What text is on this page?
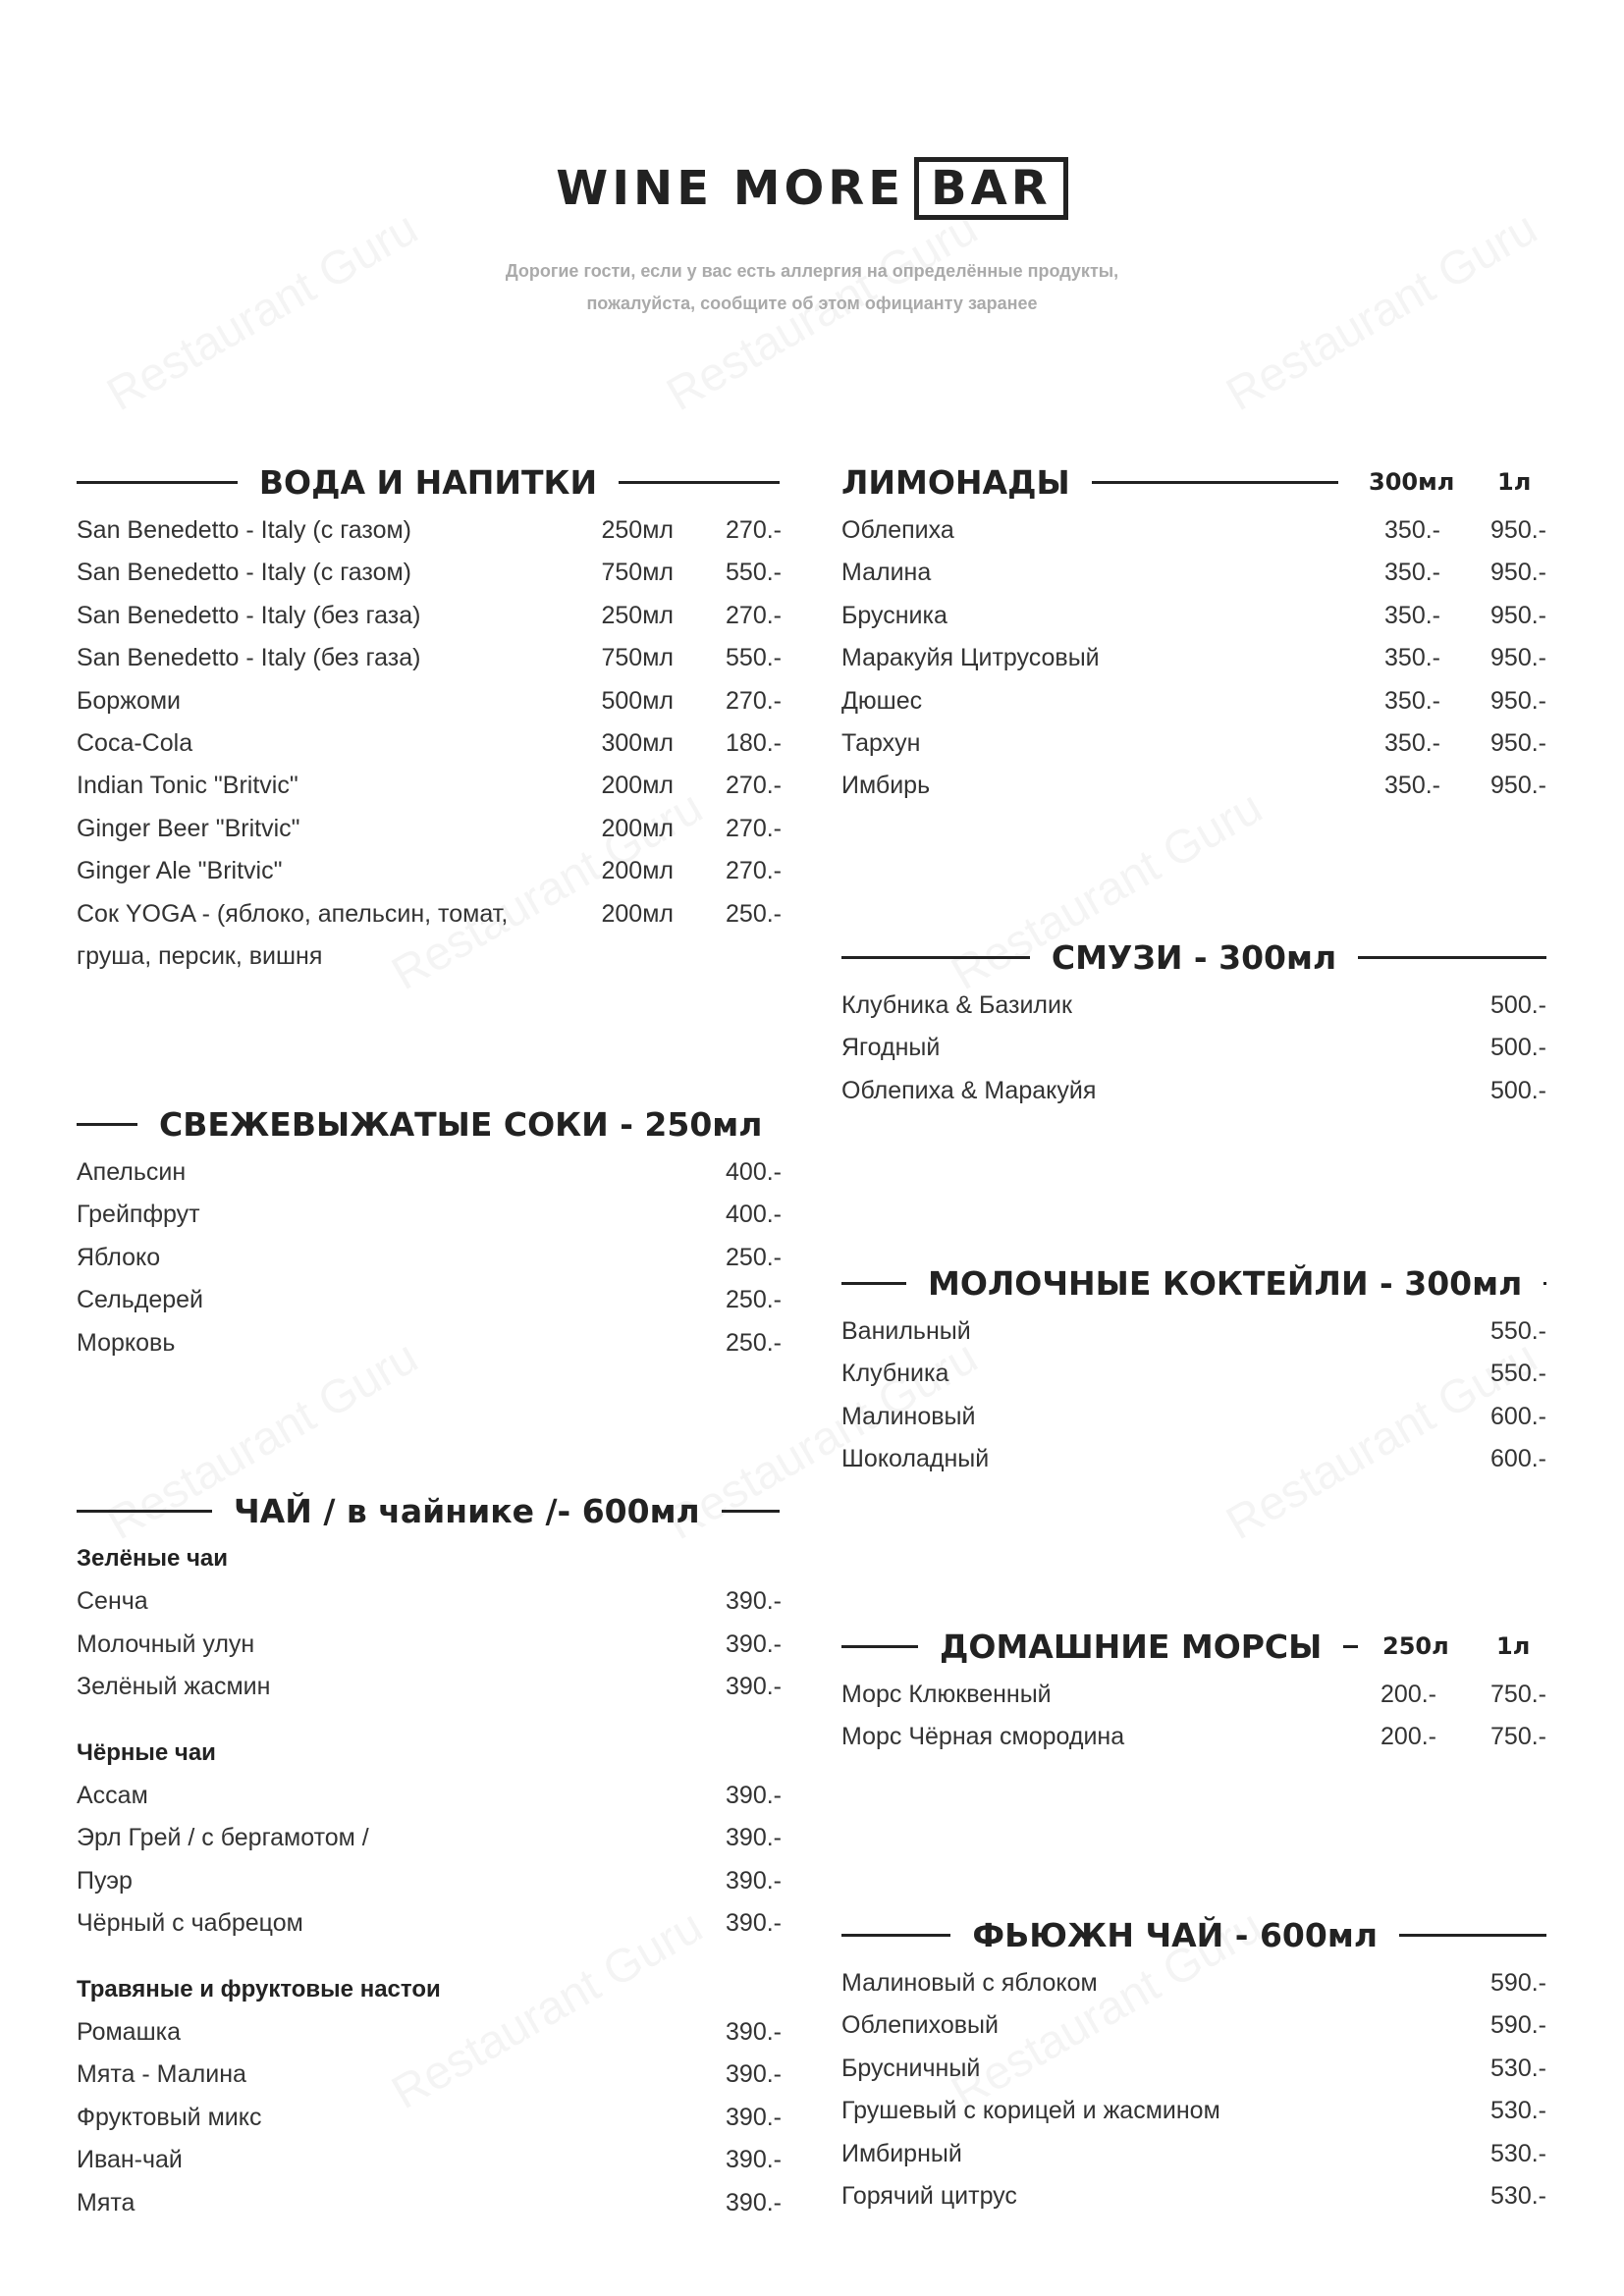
WINE MORE BAR
Дорогие гости, если у вас есть аллергия на определённые продукты,
пожалуйста, сообщите об этом официанту заранее
ВОДА И НАПИТКИ
San Benedetto - Italy (с газом)	250мл 270.-
San Benedetto - Italy (с газом)	750мл 550.-
San Benedetto - Italy (без газа)	250мл 270.-
San Benedetto - Italy (без газа)	750мл 550.-
Боржоми	500мл 270.-
Coca-Cola	300мл 180.-
Indian Tonic "Britvic"	200мл 270.-
Ginger Beer "Britvic"	200мл 270.-
Ginger Ale "Britvic"	200мл 270.-
Сок YOGA - (яблоко, апельсин, томат,	200мл 250.-
груша, персик, вишня
СВЕЖЕВЫЖАТЫЕ СОКИ - 250мл
Апельсин	400.-
Грейпфрут	400.-
Яблоко	250.-
Сельдерей	250.-
Морковь	250.-
ЧАЙ / в чайнике /- 600мл
Зелёные чаи
Сенча	390.-
Молочный улун	390.-
Зелёный жасмин	390.-
Чёрные чаи
Ассам	390.-
Эрл Грей / с бергамотом /	390.-
Пуэр	390.-
Чёрный с чабрецом	390.-
Травяные и фруктовые настои
Ромашка	390.-
Мята - Малина	390.-
Фруктовый микс	390.-
Иван-чай	390.-
Мята	390.-
ЛИМОНАДЫ	300мл 1л
Облепиха	350.- 950.-
Малина	350.- 950.-
Брусника	350.- 950.-
Маракуйя Цитрусовый	350.- 950.-
Дюшес	350.- 950.-
Тархун	350.- 950.-
Имбирь	350.- 950.-
СМУЗИ - 300мл
Клубника & Базилик	500.-
Ягодный	500.-
Облепиха & Маракуйя	500.-
МОЛОЧНЫЕ КОКТЕЙЛИ - 300мл
Ванильный	550.-
Клубника	550.-
Малиновый	600.-
Шоколадный	600.-
ДОМАШНИЕ МОРСЫ	250л 1л
Морс Клюквенный	200.- 750.-
Морс Чёрная смородина	200.- 750.-
ФЬЮЖН ЧАЙ - 600мл
Малиновый с яблоком	590.-
Облепиховый	590.-
Брусничный	530.-
Грушевый с корицей и жасмином	530.-
Имбирный	530.-
Горячий цитрус	530.-
